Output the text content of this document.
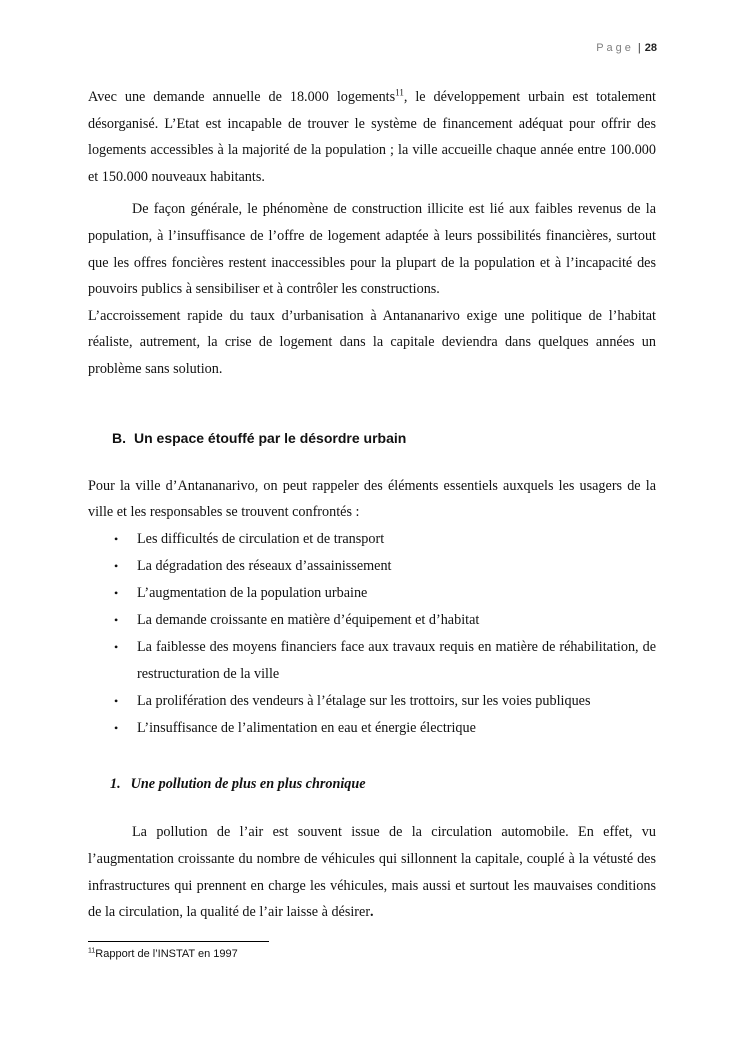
Page | 28

Avec une demande annuelle de 18.000 logements$^{11}$, le développement urbain est totalement désorganisé. L’Etat est incapable de trouver le système de financement adéquat pour offrir des logements accessibles à la majorité de la population ; la ville accueille chaque année entre 100.000 et 150.000 nouveaux habitants.

De façon générale, le phénomène de construction illicite est lié aux faibles revenus de la population, à l’insuffisance de l’offre de logement adaptée à leurs possibilités financières, surtout que les offres foncières restent inaccessibles pour la plupart de la population et à l’incapacité des pouvoirs publics à sensibiliser et à contrôler les constructions.

L’accroissement rapide du taux d’urbanisation à Antananarivo exige une politique de l’habitat réaliste, autrement, la crise de logement dans la capitale deviendra dans quelques années un problème sans solution.

B. Un espace étouffé par le désordre urbain

Pour la ville d’Antananarivo, on peut rappeler des éléments essentiels auxquels les usagers de la ville et les responsables se trouvent confrontés :

• Les difficultés de circulation et de transport
• La dégradation des réseaux d’assainissement
• L’augmentation de la population urbaine
• La demande croissante en matière d’équipement et d’habitat
• La faiblesse des moyens financiers face aux travaux requis en matière de réhabilitation, de restructuration de la ville
• La prolifération des vendeurs à l’étalage sur les trottoirs, sur les voies publiques
• L’insuffisance de l’alimentation en eau et énergie électrique
1. Une pollution de plus en plus chronique

La pollution de l’air est souvent issue de la circulation automobile. En effet, vu l’augmentation croissante du nombre de véhicules qui sillonnent la capitale, couplé à la vétusté des infrastructures qui prennent en charge les véhicules, mais aussi et surtout les mauvaises conditions de la circulation, la qualité de l’air laisse à désirer.

$^{11}$Rapport de l’INSTAT en 1997
